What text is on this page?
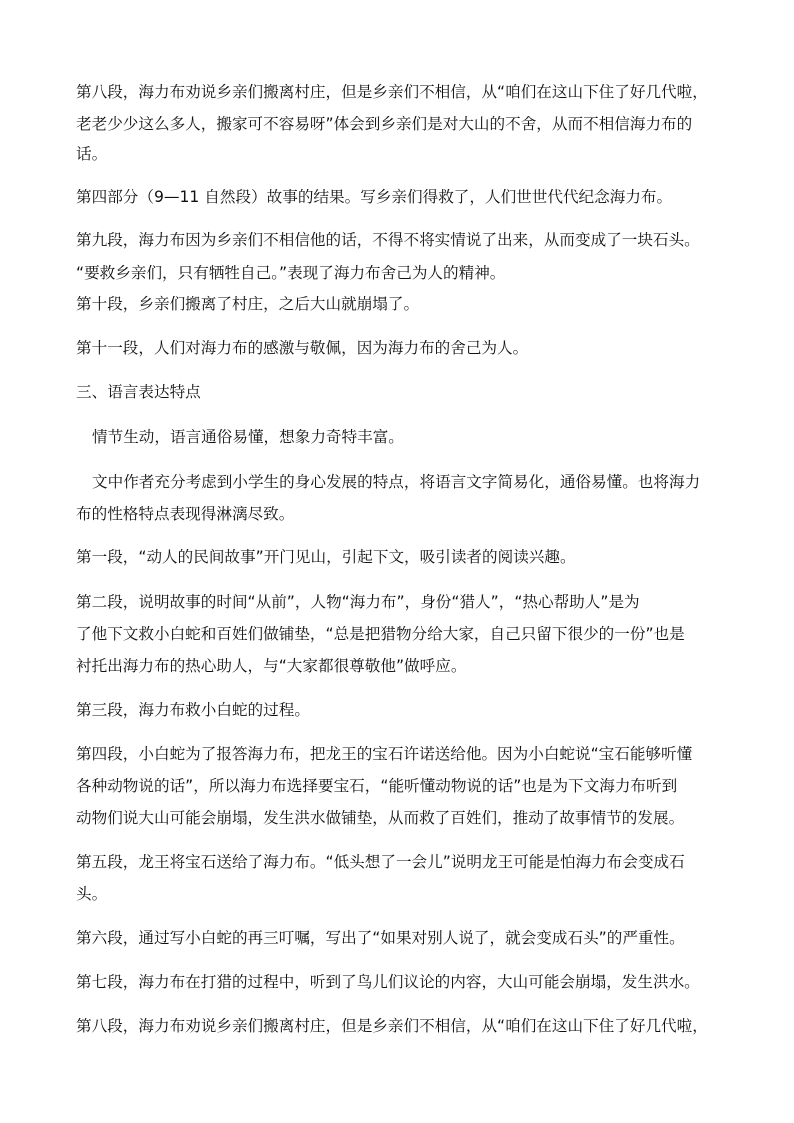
第八段，海力布劝说乡亲们搬离村庄，但是乡亲们不相信，从“咱们在这山下住了好几代啦，
老老少少这么多人，搬家可不容易呀”体会到乡亲们是对大山的不舍，从而不相信海力布的
话。
第四部分（9—11 自然段）故事的结果。写乡亲们得救了，人们世世代代纪念海力布。
第九段，海力布因为乡亲们不相信他的话，不得不将实情说了出来，从而变成了一块石头。
“要救乡亲们，只有牺牲自己。”表现了海力布舍己为人的精神。
第十段，乡亲们搬离了村庄，之后大山就崩塌了。
第十一段，人们对海力布的感激与敬佩，因为海力布的舍己为人。
三、语言表达特点
情节生动，语言通俗易懂，想象力奇特丰富。
文中作者充分考虑到小学生的身心发展的特点，将语言文字简易化，通俗易懂。也将海力
布的性格特点表现得淋漓尽致。
第一段，“动人的民间故事”开门见山，引起下文，吸引读者的阅读兴趣。
第二段，说明故事的时间“从前”，人物“海力布”，身份“猎人”，“热心帮助人”是为
了他下文救小白蛇和百姓们做铺垫，“总是把猎物分给大家，自己只留下很少的一份”也是
衬托出海力布的热心助人，与“大家都很尊敬他”做呼应。
第三段，海力布救小白蛇的过程。
第四段，小白蛇为了报答海力布，把龙王的宝石许诺送给他。因为小白蛇说“宝石能够听懂
各种动物说的话”，所以海力布选择要宝石，“能听懂动物说的话”也是为下文海力布听到
动物们说大山可能会崩塌，发生洪水做铺垫，从而救了百姓们，推动了故事情节的发展。
第五段，龙王将宝石送给了海力布。“低头想了一会儿”说明龙王可能是怕海力布会变成石
头。
第六段，通过写小白蛇的再三叮嘱，写出了“如果对别人说了，就会变成石头”的严重性。
第七段，海力布在打猎的过程中，听到了鸟儿们议论的内容，大山可能会崩塌，发生洪水。
第八段，海力布劝说乡亲们搬离村庄，但是乡亲们不相信，从“咱们在这山下住了好几代啦，
